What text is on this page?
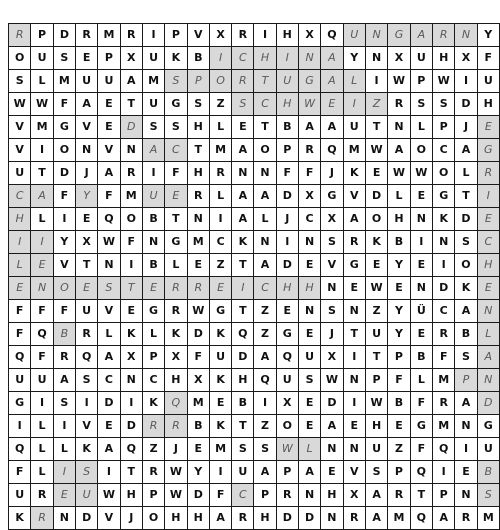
R	P	D	R	M	R	I	P	V	X	R	I	H	X	Q	U	N	G	A	R	N	Y
O	U	S	E	P	X	U	K	B	I	C	H	I	N	A	Y	N	X	U	H	X	F
S	L	M	U	U	A	M	S	P	O	R	T	U	G	A	L	I	W	P	W	I	U
W	W	F	A	E	T	U	G	S	Z	S	C	H	W	E	I	Z	R	S	S	D	H
V	M	G	V	E	D	S	S	H	L	E	T	B	A	A	U	T	N	L	P	J	E
V	I	O	N	V	N	A	C	T	M	A	O	P	R	Q	M	W	A	O	C	A	G
U	T	D	J	A	R	I	F	H	R	N	N	F	F	J	K	E	W	W	O	L	R
C	A	F	Y	F	M	U	E	R	L	A	A	D	X	G	V	D	L	E	G	T	I
H	L	I	E	Q	O	B	T	N	I	A	L	J	C	X	A	O	H	N	K	D	E
I	I	Y	X	W	F	N	G	M	C	K	N	I	N	S	R	K	B	I	N	S	C
L	E	V	T	N	I	B	L	E	Z	T	A	D	E	V	G	E	Y	E	I	O	H
E	N	O	E	S	T	E	R	R	E	I	C	H	H	N	E	W	E	N	D	K	E
F	F	F	U	V	E	G	R	W	G	T	Z	E	N	S	N	Z	Y	Ü	C	A	N
F	Q	B	R	L	K	L	K	D	K	Q	Z	G	E	J	T	U	Y	E	R	B	L
Q	F	R	Q	A	X	P	X	F	U	D	A	Q	U	X	I	T	P	B	F	S	A
U	U	A	S	C	N	C	H	X	K	H	Q	U	S	W	N	P	F	L	M	P	N
G	I	S	I	D	I	K	Q	M	E	B	I	X	E	D	I	W	B	F	R	A	D
I	L	I	V	E	D	R	R	B	K	T	Z	O	E	A	E	H	E	G	M	N	G
Q	L	L	K	A	Q	Z	J	E	M	S	S	W	L	N	N	U	Z	F	Q	I	U
F	L	I	S	I	T	R	W	Y	I	U	A	P	A	E	V	S	P	Q	I	E	B
U	R	E	U	W	H	P	W	D	F	C	P	R	N	H	X	A	R	T	P	N	S
K	R	N	D	V	J	O	H	H	A	R	H	D	D	N	R	A	M	Q	A	R	M
